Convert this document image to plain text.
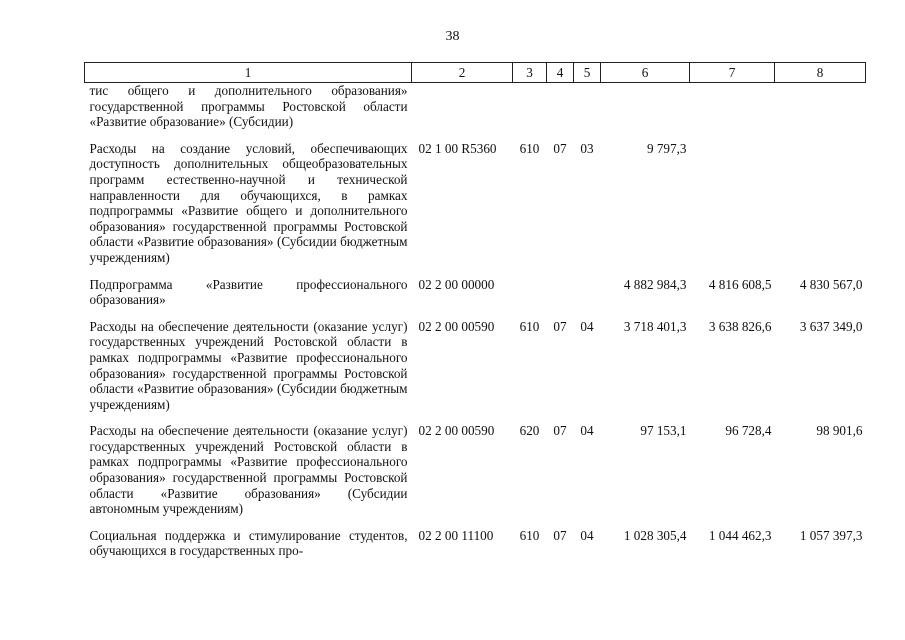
38
1	2	3	4	5	6	7	8
тис общего и дополнительного образования» государственной программы Ростовской области «Развитие образование» (Субсидии)							
Расходы на создание условий, обеспечивающих доступность дополнительных общеобразовательных программ естественно-научной и технической направленности для обучающихся, в рамках подпрограммы «Развитие общего и дополнительного образования» государственной программы Ростовской области «Развитие образования» (Субсидии бюджетным учреждениям)	02 1 00 R5360	610	07	03	9 797,3		
Подпрограмма «Развитие профессионального образования»	02 2 00 00000				4 882 984,3	4 816 608,5	4 830 567,0
Расходы на обеспечение деятельности (оказание услуг) государственных учреждений Ростовской области в рамках подпрограммы «Развитие профессионального образования» государственной программы Ростовской области «Развитие образования» (Субсидии бюджетным учреждениям)	02 2 00 00590	610	07	04	3 718 401,3	3 638 826,6	3 637 349,0
Расходы на обеспечение деятельности (оказание услуг) государственных учреждений Ростовской области в рамках подпрограммы «Развитие профессионального образования» государственной программы Ростовской области «Развитие образования» (Субсидии автономным учреждениям)	02 2 00 00590	620	07	04	97 153,1	96 728,4	98 901,6
Социальная поддержка и стимулирование студентов, обучающихся в государственных про-	02 2 00 11100	610	07	04	1 028 305,4	1 044 462,3	1 057 397,3
